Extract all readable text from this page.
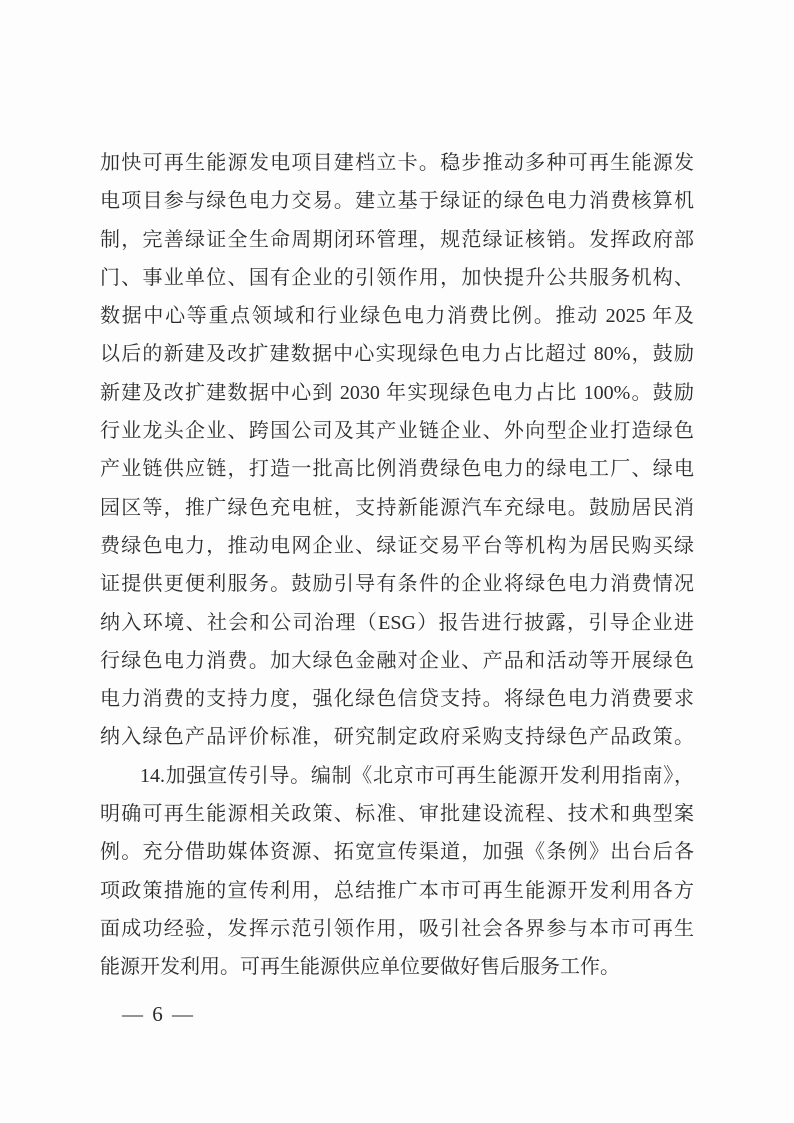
加快可再生能源发电项目建档立卡。稳步推动多种可再生能源发
电项目参与绿色电力交易。建立基于绿证的绿色电力消费核算机
制，完善绿证全生命周期闭环管理，规范绿证核销。发挥政府部
门、事业单位、国有企业的引领作用，加快提升公共服务机构、
数据中心等重点领域和行业绿色电力消费比例。推动 2025 年及
以后的新建及改扩建数据中心实现绿色电力占比超过 80%，鼓励
新建及改扩建数据中心到 2030 年实现绿色电力占比 100%。鼓励
行业龙头企业、跨国公司及其产业链企业、外向型企业打造绿色
产业链供应链，打造一批高比例消费绿色电力的绿电工厂、绿电
园区等，推广绿色充电桩，支持新能源汽车充绿电。鼓励居民消
费绿色电力，推动电网企业、绿证交易平台等机构为居民购买绿
证提供更便利服务。鼓励引导有条件的企业将绿色电力消费情况
纳入环境、社会和公司治理（ESG）报告进行披露，引导企业进
行绿色电力消费。加大绿色金融对企业、产品和活动等开展绿色
电力消费的支持力度，强化绿色信贷支持。将绿色电力消费要求
纳入绿色产品评价标准，研究制定政府采购支持绿色产品政策。
14.加强宣传引导。编制《北京市可再生能源开发利用指南》，
明确可再生能源相关政策、标准、审批建设流程、技术和典型案
例。充分借助媒体资源、拓宽宣传渠道，加强《条例》出台后各
项政策措施的宣传利用，总结推广本市可再生能源开发利用各方
面成功经验，发挥示范引领作用，吸引社会各界参与本市可再生
能源开发利用。可再生能源供应单位要做好售后服务工作。
— 6 —
